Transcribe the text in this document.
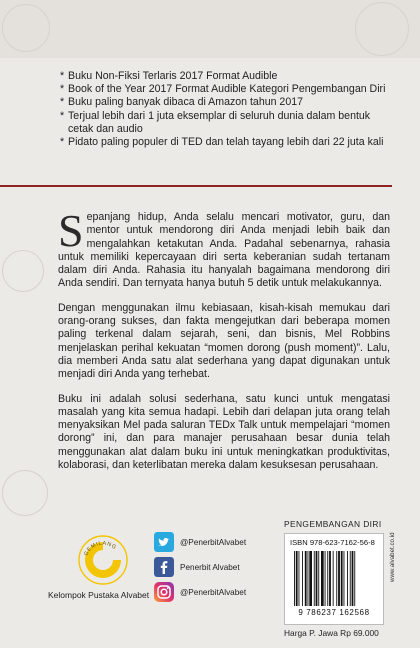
* Buku Non-Fiksi Terlaris 2017 Format Audible
* Book of the Year 2017 Format Audible Kategori Pengembangan Diri
* Buku paling banyak dibaca di Amazon tahun 2017
* Terjual lebih dari 1 juta eksemplar di seluruh dunia dalam bentuk cetak dan audio
* Pidato paling populer di TED dan telah tayang lebih dari 22 juta kali

Sepanjang hidup, Anda selalu mencari motivator, guru, dan mentor untuk mendorong diri Anda menjadi lebih baik dan mengalahkan ketakutan Anda. Padahal sebenarnya, rahasia untuk memiliki kepercayaan diri serta keberanian sudah tertanam dalam diri Anda. Rahasia itu hanyalah bagaimana mendorong diri Anda sendiri. Dan ternyata hanya butuh 5 detik untuk melakukannya.

Dengan menggunakan ilmu kebiasaan, kisah-kisah memukau dari orang-orang sukses, dan fakta mengejutkan dari beberapa momen paling terkenal dalam sejarah, seni, dan bisnis, Mel Robbins menjelaskan perihal kekuatan “momen dorong (push moment)”. Lalu, dia memberi Anda satu alat sederhana yang dapat digunakan untuk menjadi diri Anda yang terhebat.

Buku ini adalah solusi sederhana, satu kunci untuk mengatasi masalah yang kita semua hadapi. Lebih dari delapan juta orang telah menyaksikan Mel pada saluran TEDx Talk untuk mempelajari “momen dorong” ini, dan para manajer perusahaan besar dunia telah menggunakan alat dalam buku ini untuk meningkatkan produktivitas, kolaborasi, dan keterlibatan mereka dalam kesuksesan perusahaan.

GEMILANG
Kelompok Pustaka Alvabet
@PenerbitAlvabet
Penerbit Alvabet
@PenerbitAlvabet
PENGEMBANGAN DIRI
ISBN 978-623-7162-56-8
9 786237 162568
Harga P. Jawa Rp 69.000
www.alvabet.co.id
